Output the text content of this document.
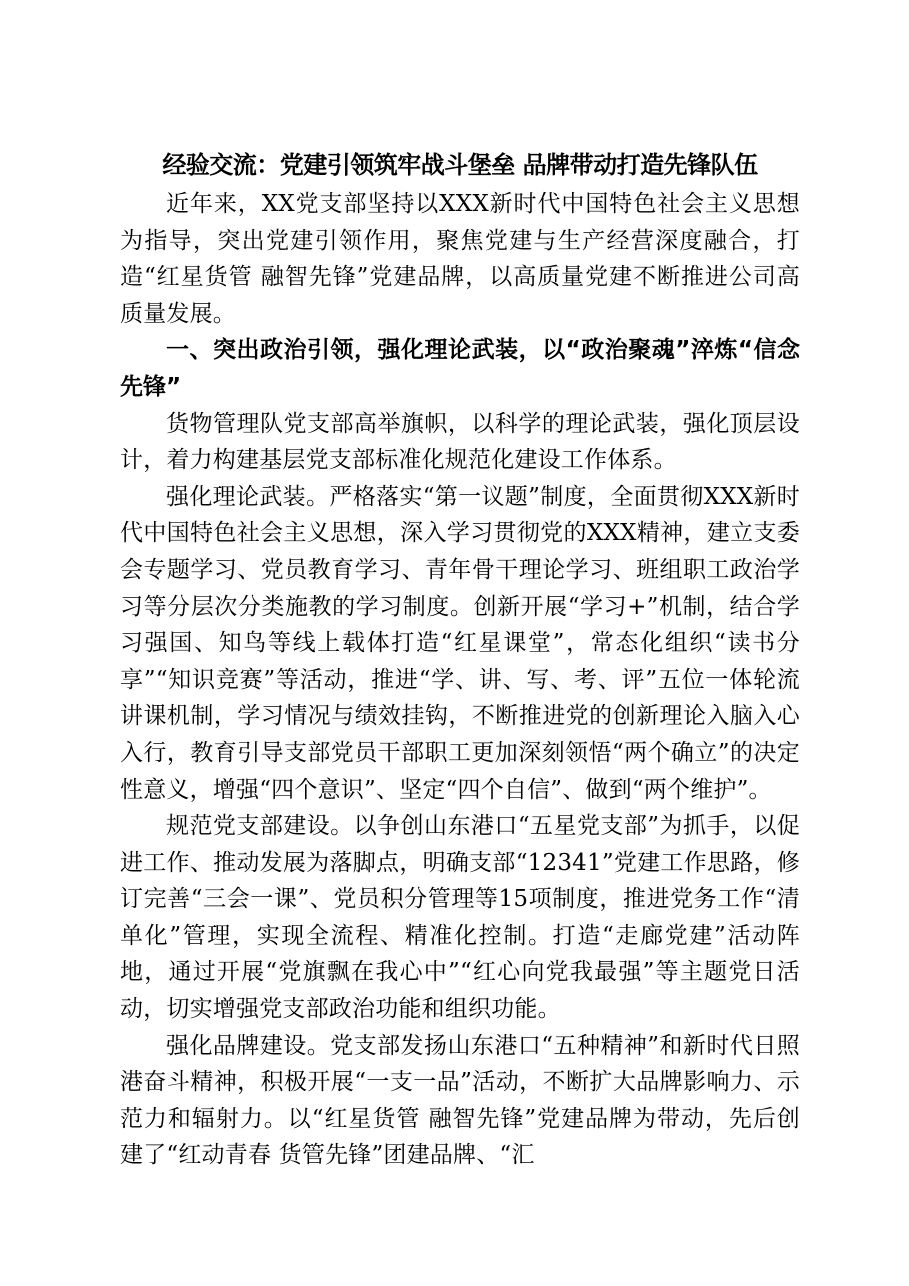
经验交流：党建引领筑牢战斗堡垒 品牌带动打造先锋队伍

近年来，XX党支部坚持以XXX新时代中国特色社会主义思想为指导，突出党建引领作用，聚焦党建与生产经营深度融合，打造“红星货管 融智先锋”党建品牌，以高质量党建不断推进公司高质量发展。

一、突出政治引领，强化理论武装，以“政治聚魂”淬炼“信念先锋”

货物管理队党支部高举旗帜，以科学的理论武装，强化顶层设计，着力构建基层党支部标准化规范化建设工作体系。

强化理论武装。严格落实“第一议题”制度，全面贯彻XXX新时代中国特色社会主义思想，深入学习贯彻党的XXX精神，建立支委会专题学习、党员教育学习、青年骨干理论学习、班组职工政治学习等分层次分类施教的学习制度。创新开展“学习+”机制，结合学习强国、知鸟等线上载体打造“红星课堂”，常态化组织“读书分享”“知识竞赛”等活动，推进“学、讲、写、考、评”五位一体轮流讲课机制，学习情况与绩效挂钩，不断推进党的创新理论入脑入心入行，教育引导支部党员干部职工更加深刻领悟“两个确立”的决定性意义，增强“四个意识”、坚定“四个自信”、做到“两个维护”。

规范党支部建设。以争创山东港口“五星党支部”为抓手，以促进工作、推动发展为落脚点，明确支部“12341”党建工作思路，修订完善“三会一课”、党员积分管理等15项制度，推进党务工作“清单化”管理，实现全流程、精准化控制。打造“走廊党建”活动阵地，通过开展“党旗飘在我心中”“红心向党我最强”等主题党日活动，切实增强党支部政治功能和组织功能。

强化品牌建设。党支部发扬山东港口“五种精神”和新时代日照港奋斗精神，积极开展“一支一品”活动，不断扩大品牌影响力、示范力和辐射力。以“红星货管 融智先锋”党建品牌为带动，先后创建了“红动青春 货管先锋”团建品牌、“汇
